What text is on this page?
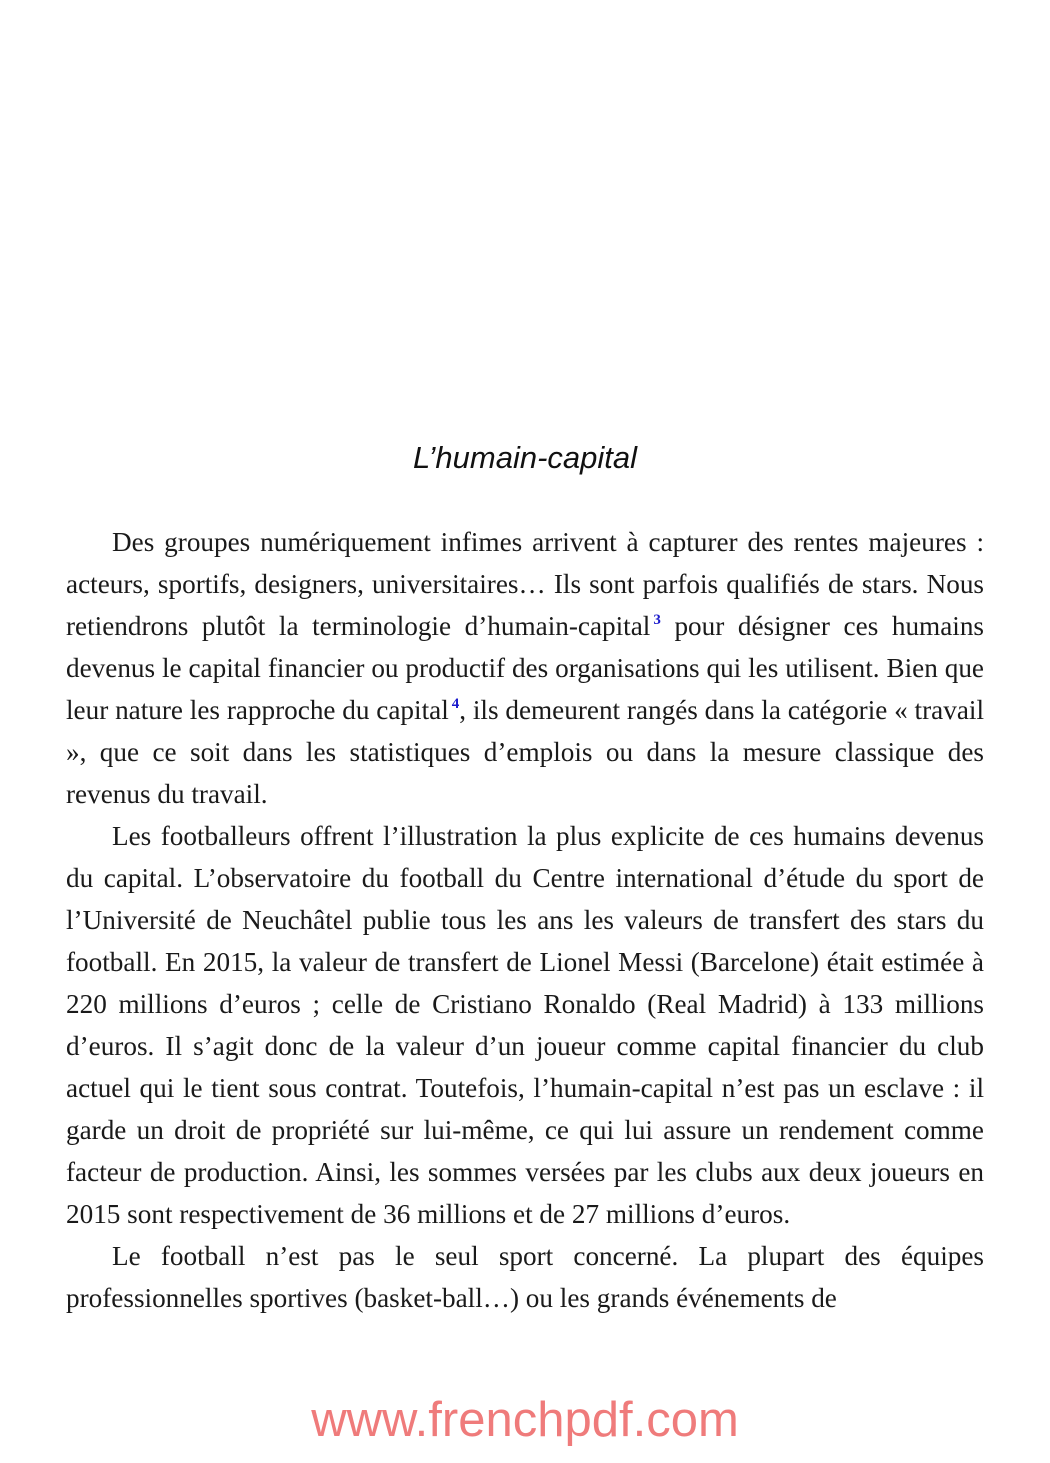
L’humain-capital

Des groupes numériquement infimes arrivent à capturer des rentes majeures : acteurs, sportifs, designers, universitaires… Ils sont parfois qualifiés de stars. Nous retiendrons plutôt la terminologie d’humain-capital $^3$ pour désigner ces humains devenus le capital financier ou productif des organisations qui les utilisent. Bien que leur nature les rapproche du capital $^4$, ils demeurent rangés dans la catégorie « travail », que ce soit dans les statistiques d’emplois ou dans la mesure classique des revenus du travail.

Les footballeurs offrent l’illustration la plus explicite de ces humains devenus du capital. L’observatoire du football du Centre international d’étude du sport de l’Université de Neuchâtel publie tous les ans les valeurs de transfert des stars du football. En 2015, la valeur de transfert de Lionel Messi (Barcelone) était estimée à 220 millions d’euros ; celle de Cristiano Ronaldo (Real Madrid) à 133 millions d’euros. Il s’agit donc de la valeur d’un joueur comme capital financier du club actuel qui le tient sous contrat. Toutefois, l’humain-capital n’est pas un esclave : il garde un droit de propriété sur lui-même, ce qui lui assure un rendement comme facteur de production. Ainsi, les sommes versées par les clubs aux deux joueurs en 2015 sont respectivement de 36 millions et de 27 millions d’euros.

Le football n’est pas le seul sport concerné. La plupart des équipes professionnelles sportives (basket-ball…) ou les grands événements de

www.frenchpdf.com
